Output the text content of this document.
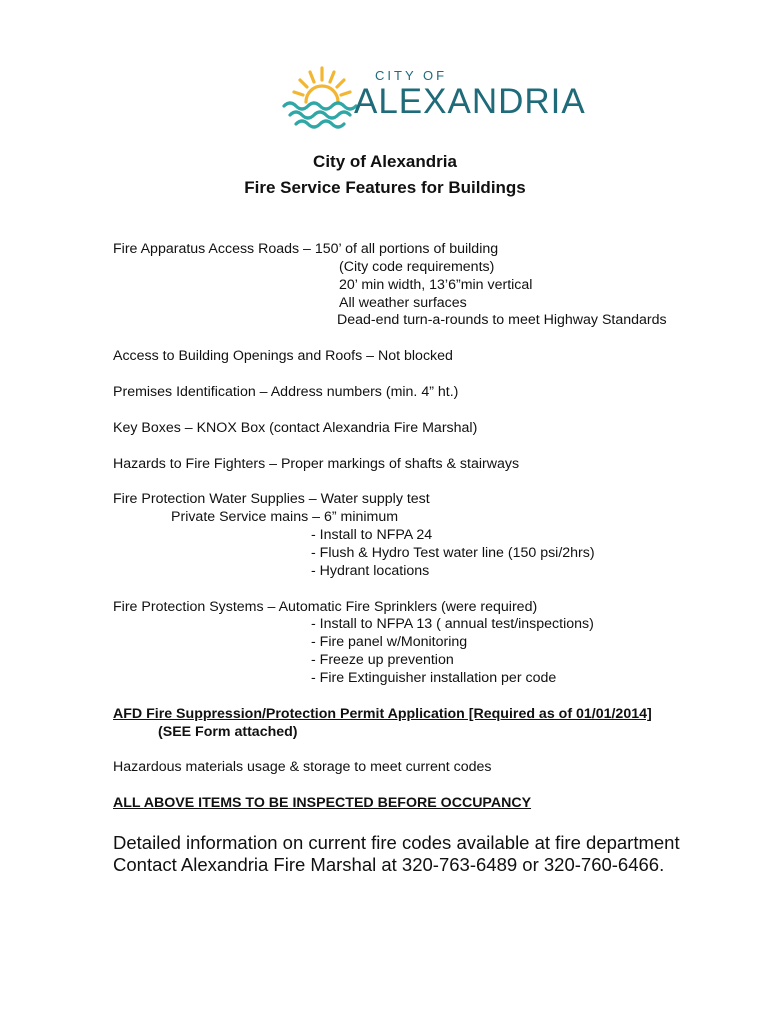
CITY OF
ALEXANDRIA
City of Alexandria
Fire Service Features for Buildings
Fire Apparatus Access Roads – 150’ of all portions of building
(City code requirements)
20’ min width, 13’6”min vertical
All weather surfaces
Dead-end turn-a-rounds to meet Highway Standards
Access to Building Openings and Roofs – Not blocked
Premises Identification – Address numbers (min. 4” ht.)
Key Boxes – KNOX Box (contact Alexandria Fire Marshal)
Hazards to Fire Fighters – Proper markings of shafts & stairways
Fire Protection Water Supplies – Water supply test
Private Service mains – 6” minimum
- Install to NFPA 24
- Flush & Hydro Test water line (150 psi/2hrs)
- Hydrant locations
Fire Protection Systems – Automatic Fire Sprinklers (were required)
- Install to NFPA 13 ( annual test/inspections)
- Fire panel w/Monitoring
- Freeze up prevention
- Fire Extinguisher installation per code
AFD Fire Suppression/Protection Permit Application [Required as of 01/01/2014]
(SEE Form attached)
Hazardous materials usage & storage to meet current codes
ALL ABOVE ITEMS TO BE INSPECTED BEFORE OCCUPANCY
Detailed information on current fire codes available at fire department
Contact Alexandria Fire Marshal at 320-763-6489 or 320-760-6466.
